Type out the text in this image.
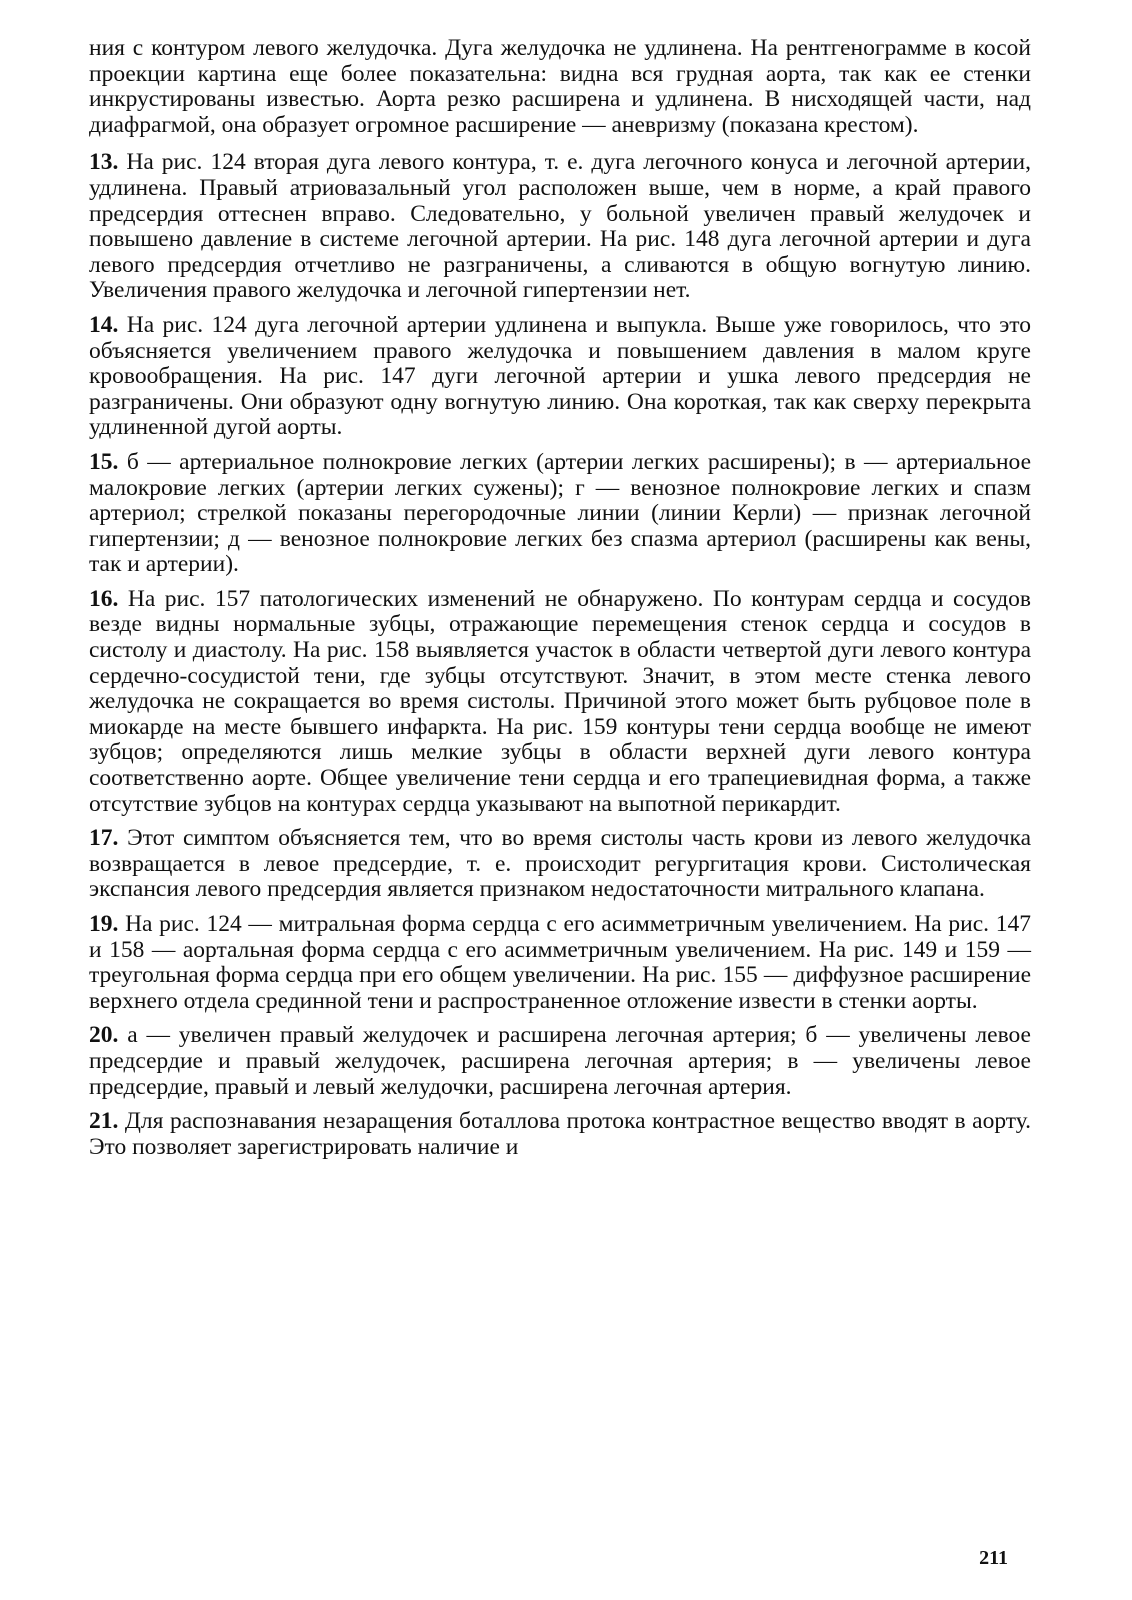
ния с контуром левого желудочка. Дуга желудочка не удлинена. На рентгенограмме в косой проекции картина еще более показательна: видна вся грудная аорта, так как ее стенки инкрустированы известью. Аорта резко расширена и удлинена. В нисходящей части, над диафрагмой, она образует огромное расширение — аневризму (показана крестом).

13. На рис. 124 вторая дуга левого контура, т. е. дуга легочного конуса и легочной артерии, удлинена. Правый атриовазальный угол расположен выше, чем в норме, а край правого предсердия оттеснен вправо. Следовательно, у больной увеличен правый желудочек и повышено давление в системе легочной артерии. На рис. 148 дуга легочной артерии и дуга левого предсердия отчетливо не разграничены, а сливаются в общую вогнутую линию. Увеличения правого желудочка и легочной гипертензии нет.

14. На рис. 124 дуга легочной артерии удлинена и выпукла. Выше уже говорилось, что это объясняется увеличением правого желудочка и повышением давления в малом круге кровообращения. На рис. 147 дуги легочной артерии и ушка левого предсердия не разграничены. Они образуют одну вогнутую линию. Она короткая, так как сверху перекрыта удлиненной дугой аорты.

15. б — артериальное полнокровие легких (артерии легких расширены); в — артериальное малокровие легких (артерии легких сужены); г — венозное полнокровие легких и спазм артериол; стрелкой показаны перегородочные линии (линии Керли) — признак легочной гипертензии; д — венозное полнокровие легких без спазма артериол (расширены как вены, так и артерии).

16. На рис. 157 патологических изменений не обнаружено. По контурам сердца и сосудов везде видны нормальные зубцы, отражающие перемещения стенок сердца и сосудов в систолу и диастолу. На рис. 158 выявляется участок в области четвертой дуги левого контура сердечно-сосудистой тени, где зубцы отсутствуют. Значит, в этом месте стенка левого желудочка не сокращается во время систолы. Причиной этого может быть рубцовое поле в миокарде на месте бывшего инфаркта. На рис. 159 контуры тени сердца вообще не имеют зубцов; определяются лишь мелкие зубцы в области верхней дуги левого контура соответственно аорте. Общее увеличение тени сердца и его трапециевидная форма, а также отсутствие зубцов на контурах сердца указывают на выпотной перикардит.

17. Этот симптом объясняется тем, что во время систолы часть крови из левого желудочка возвращается в левое предсердие, т. е. происходит регургитация крови. Систолическая экспансия левого предсердия является признаком недостаточности митрального клапана.

19. На рис. 124 — митральная форма сердца с его асимметричным увеличением. На рис. 147 и 158 — аортальная форма сердца с его асимметричным увеличением. На рис. 149 и 159 — треугольная форма сердца при его общем увеличении. На рис. 155 — диффузное расширение верхнего отдела срединной тени и распространенное отложение извести в стенки аорты.

20. а — увеличен правый желудочек и расширена легочная артерия; б — увеличены левое предсердие и правый желудочек, расширена легочная артерия; в — увеличены левое предсердие, правый и левый желудочки, расширена легочная артерия.

21. Для распознавания незаращения боталлова протока контрастное вещество вводят в аорту. Это позволяет зарегистрировать наличие и

211
